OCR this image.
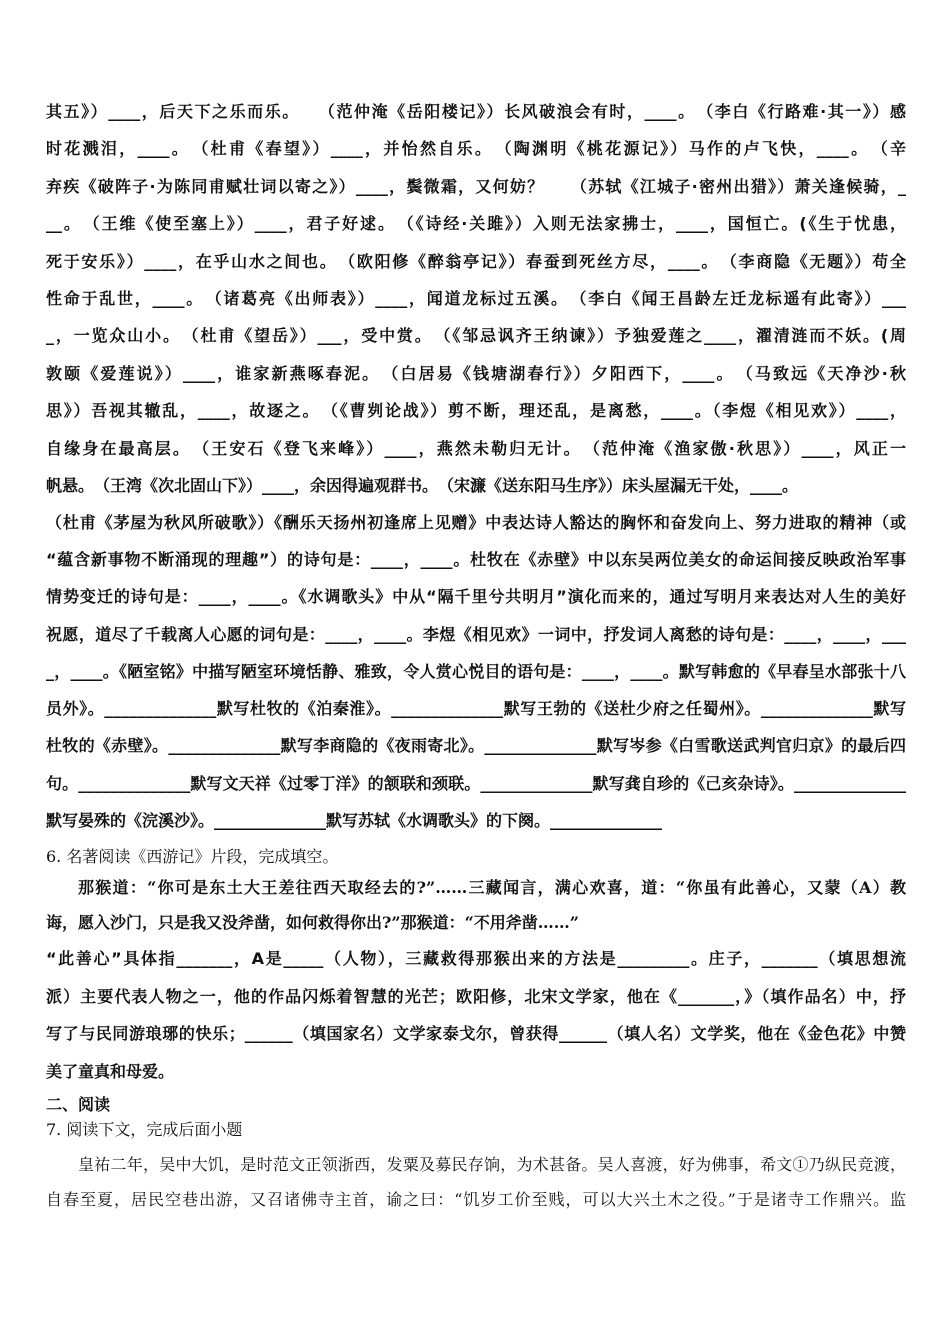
其五》）____，后天下之乐而乐。　　（范仲淹《岳阳楼记》）长风破浪会有时，____。　（李白《行路难·其一》）感
时花溅泪，____。　（杜甫《春望》）____，并怡然自乐。　（陶渊明《桃花源记》）马作的卢飞快，____。　（辛
弃疾《破阵子·为陈同甫赋壮词以寄之》）____，鬓微霜，又何妨？　　（苏轼《江城子·密州出猎》）萧关逢候骑，_
__。　（王维《使至塞上》）____，君子好逑。　（《诗经·关雎》）入则无法家拂士，____，国恒亡。(《生于忧患，
死于安乐》）____，在乎山水之间也。　（欧阳修《醉翁亭记》）春蚕到死丝方尽，____。　（李商隐《无题》）苟全
性命于乱世，____。　（诸葛亮《出师表》）____，闻道龙标过五溪。　（李白《闻王昌龄左迁龙标遥有此寄》）___
_，一览众山小。　（杜甫《望岳》）___，受中赏。　（《邹忌讽齐王纳谏》）予独爱莲之____，濯清涟而不妖。(周
敦颐《爱莲说》）____，谁家新燕啄春泥。　（白居易《钱塘湖春行》）夕阳西下，____。　（马致远《天净沙·秋
思》）吾视其辙乱，____，故逐之。　（《曹刿论战》）剪不断，理还乱，是离愁，____。（李煜《相见欢》）____，
自缘身在最高层。　（王安石《登飞来峰》）____，燕然未勒归无计。　（范仲淹《渔家傲·秋思》）____，风正一
帆悬。　（王湾《次北固山下》）____，余因得遍观群书。　（宋濂《送东阳马生序》）床头屋漏无干处，____。
（杜甫《茅屋为秋风所破歌》）《酬乐天扬州初逢席上见赠》中表达诗人豁达的胸怀和奋发向上、努力进取的精神（或
“蕴含新事物不断涌现的理趣”）的诗句是：____，____。杜牧在《赤壁》中以东吴两位美女的命运间接反映政治军事
情势变迁的诗句是：____，____。《水调歌头》中从“隔千里兮共明月”演化而来的，通过写明月来表达对人生的美好
祝愿，道尽了千载离人心愿的词句是：____，____。李煜《相见欢》一词中，抒发词人离愁的诗句是：____，____，___
_，____。《陋室铭》中描写陋室环境恬静、雅致，令人赏心悦目的语句是：____，____。默写韩愈的《早春呈水部张十八
员外》。______________默写杜牧的《泊秦淮》。______________默写王勃的《送杜少府之任蜀州》。______________默写
杜牧的《赤壁》。______________默写李商隐的《夜雨寄北》。______________默写岑参《白雪歌送武判官归京》的最后四
句。______________默写文天祥《过零丁洋》的颔联和颈联。______________默写龚自珍的《己亥杂诗》。______________
默写晏殊的《浣溪沙》。______________默写苏轼《水调歌头》的下阕。______________
6. 名著阅读《西游记》片段，完成填空。
那猴道：“你可是东土大王差往西天取经去的?”……三藏闻言，满心欢喜，道：“你虽有此善心，又蒙（A）教
诲，愿入沙门，只是我又没斧凿，如何救得你出?”那猴道：“不用斧凿……”
“此善心”具体指_______，A是_____（人物），三藏救得那猴出来的方法是_________。庄子，_______（填思想流
派）主要代表人物之一，他的作品闪烁着智慧的光芒；欧阳修，北宋文学家，他在《_______，》（填作品名）中，抒
写了与民同游琅琊的快乐；______（填国家名）文学家泰戈尔，曾获得______（填人名）文学奖，他在《金色花》中赞
美了童真和母爱。
二、阅读
7. 阅读下文，完成后面小题
皇祐二年，吴中大饥，是时范文正领浙西，发粟及募民存饷，为术甚备。吴人喜渡，好为佛事，希文①乃纵民竞渡，
自春至夏，居民空巷出游，又召诸佛寺主首，谕之曰：“饥岁工价至贱，可以大兴土木之役。”于是诸寺工作鼎兴。监
